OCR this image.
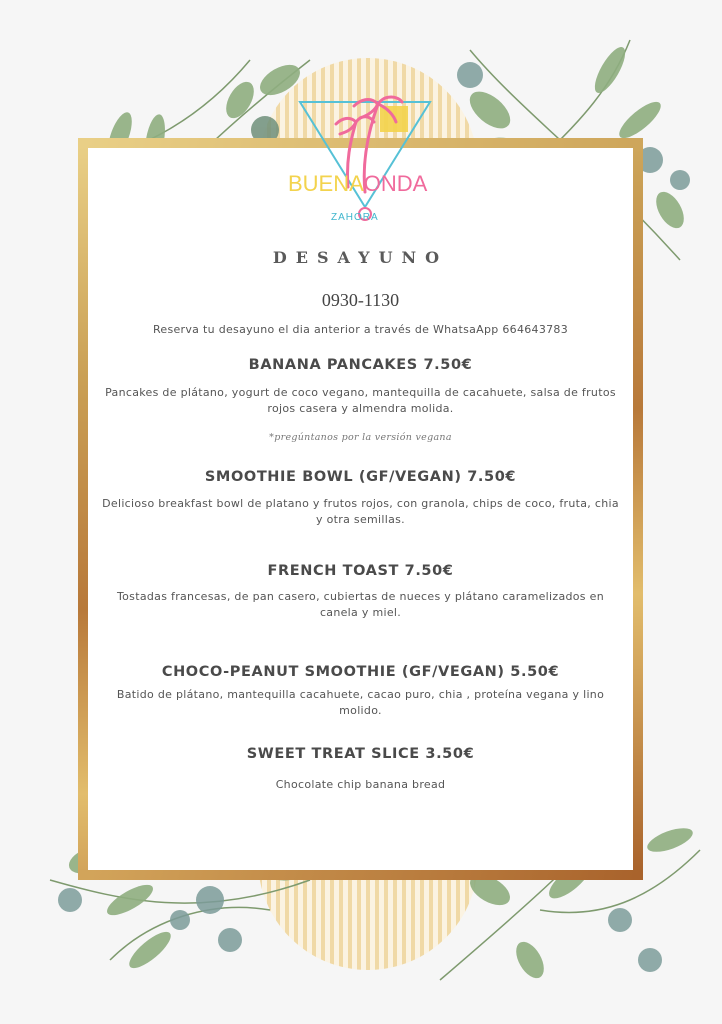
BUENAONDA
ZAHORA
DESAYUNO
0930-1130
Reserva tu desayuno el dia anterior a través de WhatsaApp 664643783
BANANA PANCAKES 7.50€
Pancakes de plátano, yogurt de coco vegano, mantequilla de cacahuete, salsa de frutos rojos casera y almendra molida.
*pregúntanos por la versión vegana
SMOOTHIE BOWL (GF/VEGAN) 7.50€
Delicioso breakfast bowl de platano y frutos rojos, con granola, chips de coco, fruta, chia y otra semillas.
FRENCH TOAST 7.50€
Tostadas francesas, de pan casero, cubiertas de nueces y plátano caramelizados en canela y miel.
CHOCO-PEANUT SMOOTHIE (GF/VEGAN) 5.50€
Batido de plátano, mantequilla cacahuete, cacao puro, chia , proteína vegana y lino molido.
SWEET TREAT SLICE 3.50€
Chocolate chip banana bread
